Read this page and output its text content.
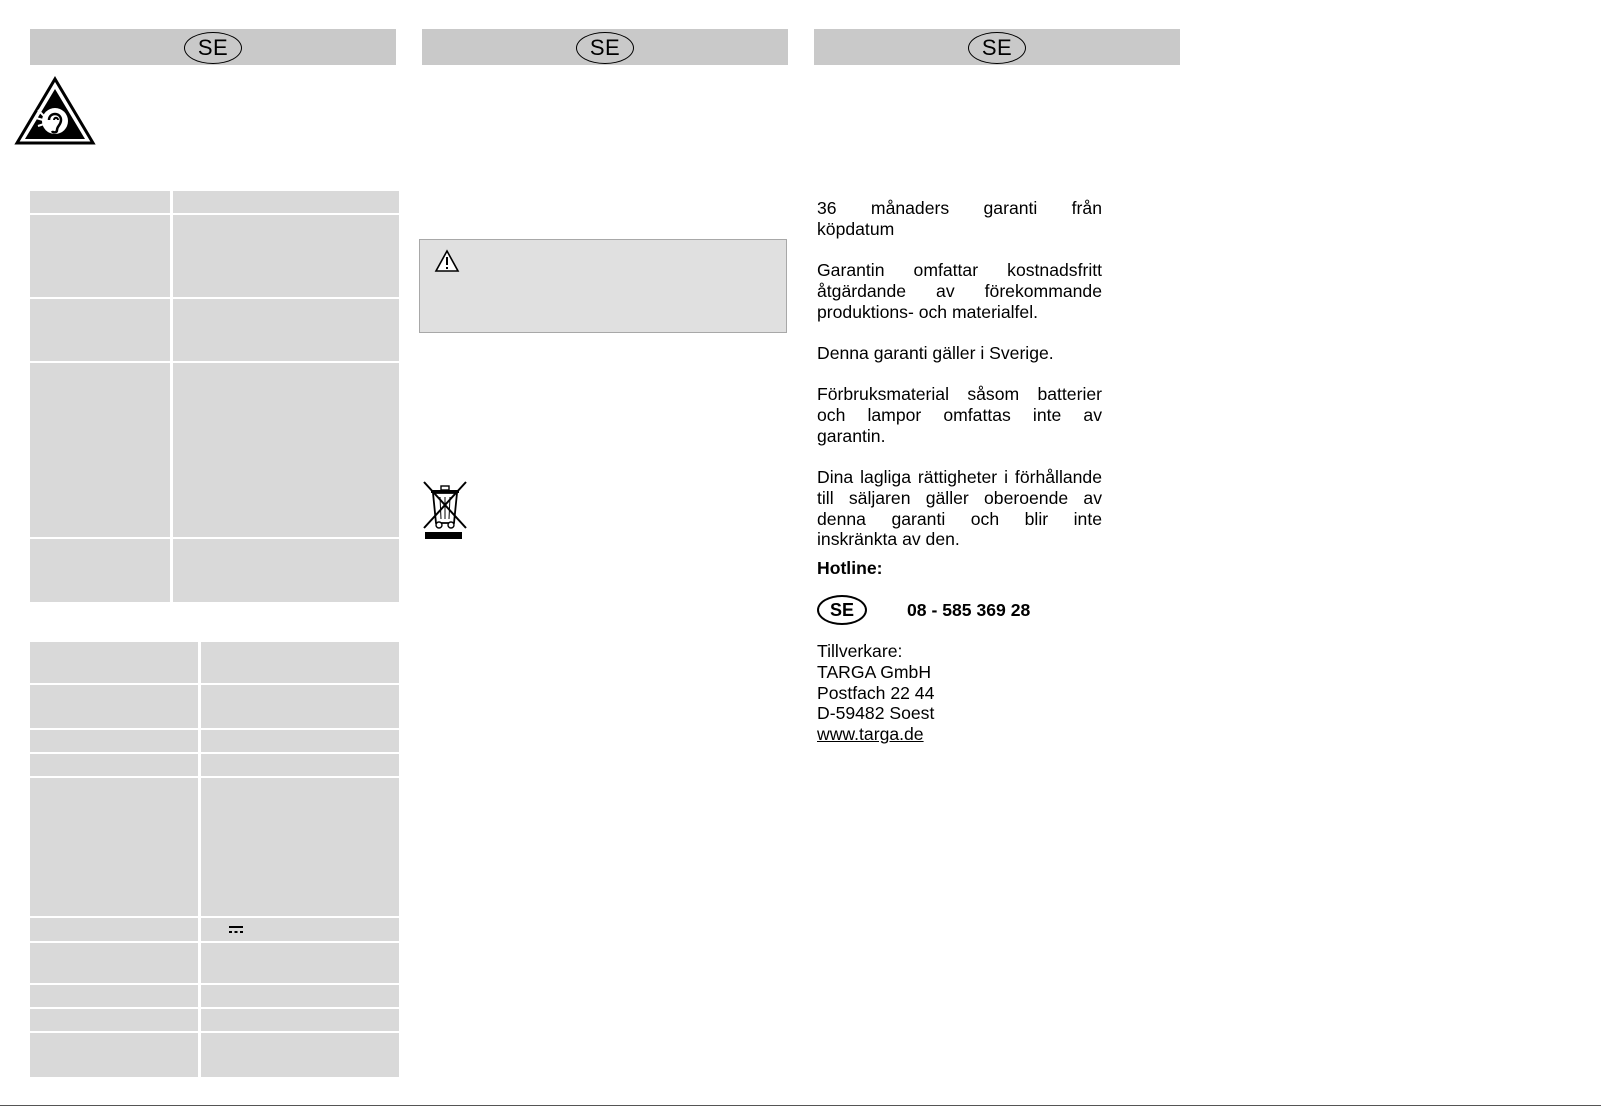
SE	SE	SE
36 månaders garanti från
köpdatum
Garantin omfattar kostnadsfritt åtgärdande av förekommande produktions- och materialfel.
Denna garanti gäller i Sverige.
Förbruksmaterial såsom batterier och lampor omfattas inte av garantin.
Dina lagliga rättigheter i förhållande till säljaren gäller oberoende av denna garanti och blir inte inskränkta av den.
Hotline:
SE	08 - 585 369 28
Tillverkare:
TARGA GmbH
Postfach 22 44
D-59482 Soest
www.targa.de
